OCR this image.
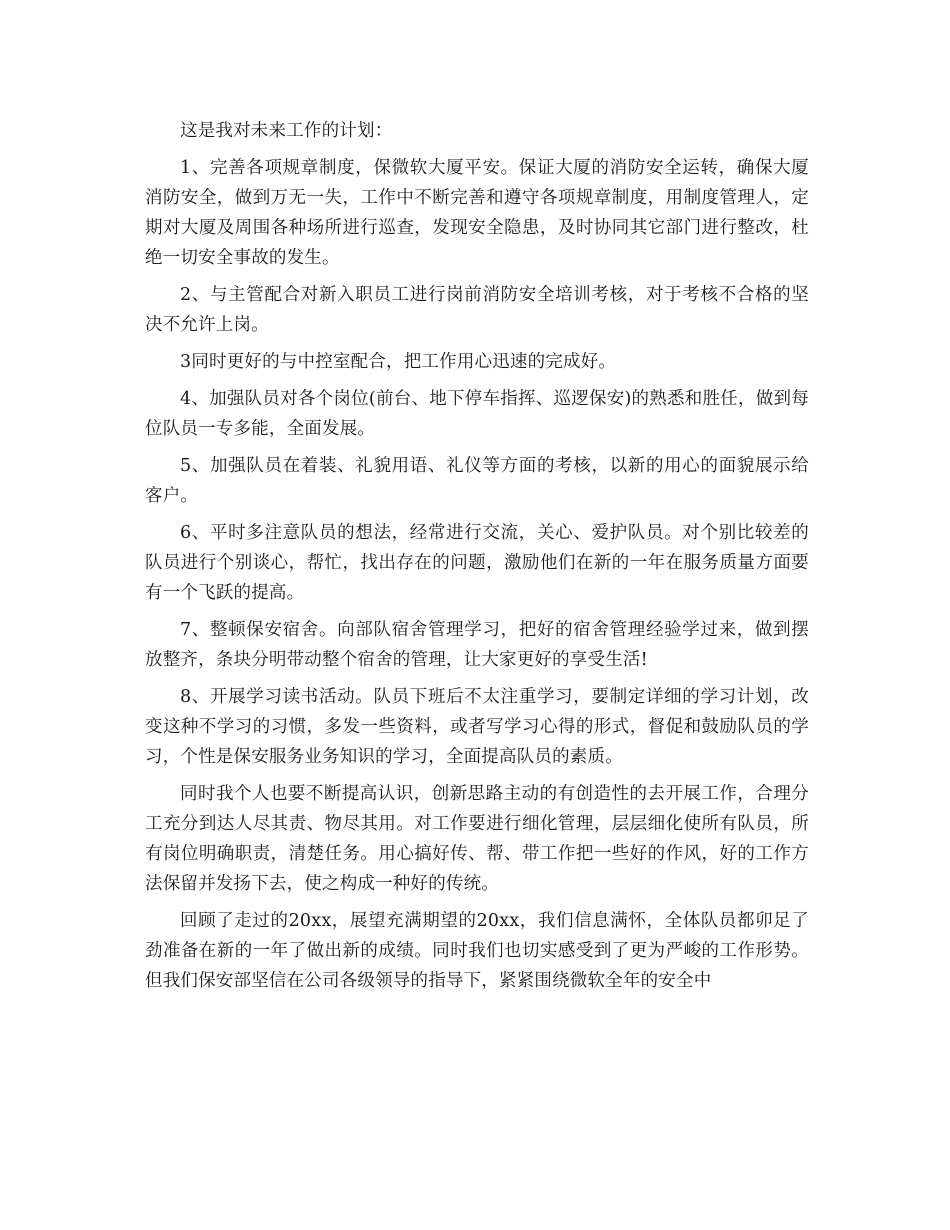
这是我对未来工作的计划：

1、完善各项规章制度，保微软大厦平安。保证大厦的消防安全运转，确保大厦消防安全，做到万无一失，工作中不断完善和遵守各项规章制度，用制度管理人，定期对大厦及周围各种场所进行巡查，发现安全隐患，及时协同其它部门进行整改，杜绝一切安全事故的发生。

2、与主管配合对新入职员工进行岗前消防安全培训考核，对于考核不合格的坚决不允许上岗。

3同时更好的与中控室配合，把工作用心迅速的完成好。

4、加强队员对各个岗位(前台、地下停车指挥、巡逻保安)的熟悉和胜任，做到每位队员一专多能，全面发展。

5、加强队员在着装、礼貌用语、礼仪等方面的考核，以新的用心的面貌展示给客户。

6、平时多注意队员的想法，经常进行交流，关心、爱护队员。对个别比较差的队员进行个别谈心，帮忙，找出存在的问题，激励他们在新的一年在服务质量方面要有一个飞跃的提高。

7、整顿保安宿舍。向部队宿舍管理学习，把好的宿舍管理经验学过来，做到摆放整齐，条块分明带动整个宿舍的管理，让大家更好的享受生活!

8、开展学习读书活动。队员下班后不太注重学习，要制定详细的学习计划，改变这种不学习的习惯，多发一些资料，或者写学习心得的形式，督促和鼓励队员的学习，个性是保安服务业务知识的学习，全面提高队员的素质。

同时我个人也要不断提高认识，创新思路主动的有创造性的去开展工作，合理分工充分到达人尽其责、物尽其用。对工作要进行细化管理，层层细化使所有队员，所有岗位明确职责，清楚任务。用心搞好传、帮、带工作把一些好的作风，好的工作方法保留并发扬下去，使之构成一种好的传统。

回顾了走过的20xx，展望充满期望的20xx，我们信息满怀，全体队员都卯足了劲准备在新的一年了做出新的成绩。同时我们也切实感受到了更为严峻的工作形势。但我们保安部坚信在公司各级领导的指导下，紧紧围绕微软全年的安全中
